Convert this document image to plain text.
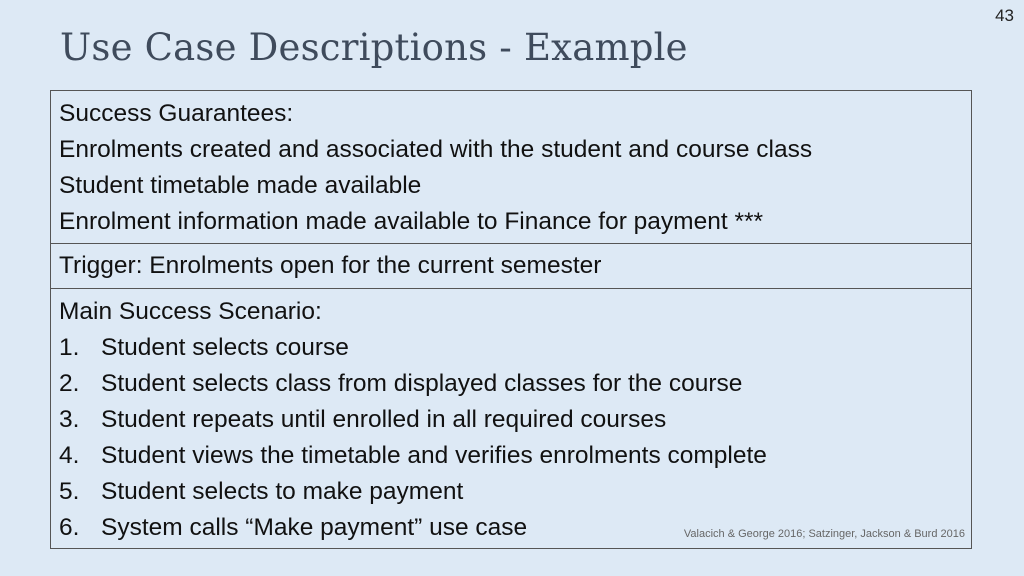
43
Use Case Descriptions - Example
Success Guarantees:
Enrolments created and associated with the student and course class
Student timetable made available
Enrolment information made available to Finance for payment ***
Trigger: Enrolments open for the current semester
Main Success Scenario:
1. Student selects course
2. Student selects class from displayed classes for the course
3. Student repeats until enrolled in all required courses
4. Student views the timetable and verifies enrolments complete
5. Student selects to make payment
6. System calls “Make payment” use case	Valacich & George 2016; Satzinger, Jackson & Burd 2016
